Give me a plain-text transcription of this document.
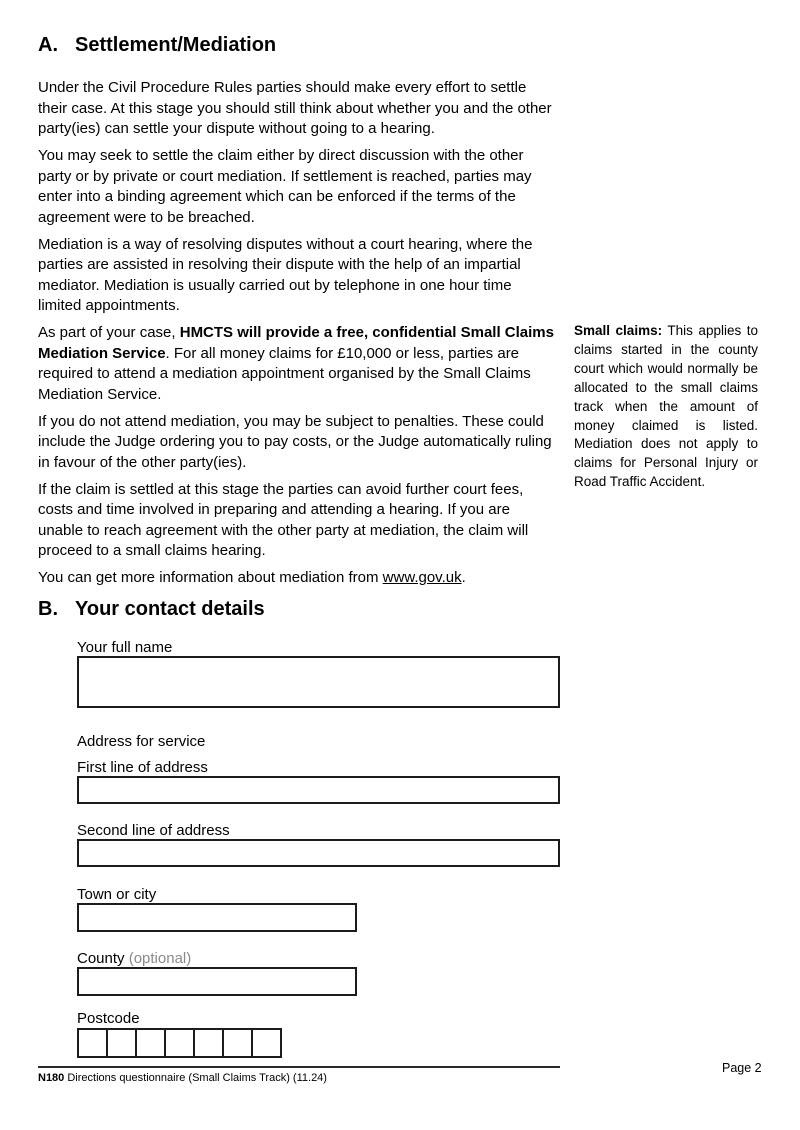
A. Settlement/Mediation

Under the Civil Procedure Rules parties should make every effort to settle their case. At this stage you should still think about whether you and the other party(ies) can settle your dispute without going to a hearing.

You may seek to settle the claim either by direct discussion with the other party or by private or court mediation. If settlement is reached, parties may enter into a binding agreement which can be enforced if the terms of the agreement were to be breached.

Mediation is a way of resolving disputes without a court hearing, where the parties are assisted in resolving their dispute with the help of an impartial mediator. Mediation is usually carried out by telephone in one hour time limited appointments.

As part of your case, HMCTS will provide a free, confidential Small Claims Mediation Service. For all money claims for £10,000 or less, parties are required to attend a mediation appointment organised by the Small Claims Mediation Service.

If you do not attend mediation, you may be subject to penalties. These could include the Judge ordering you to pay costs, or the Judge automatically ruling in favour of the other party(ies).

If the claim is settled at this stage the parties can avoid further court fees, costs and time involved in preparing and attending a hearing. If you are unable to reach agreement with the other party at mediation, the claim will proceed to a small claims hearing.

You can get more information about mediation from www.gov.uk.

Small claims: This applies to claims started in the county court which would normally be allocated to the small claims track when the amount of money claimed is listed. Mediation does not apply to claims for Personal Injury or Road Traffic Accident.
B. Your contact details
Your full name
Address for service
First line of address
Second line of address
Town or city
County (optional)
Postcode
N180 Directions questionnaire (Small Claims Track) (11.24)
Page 2
